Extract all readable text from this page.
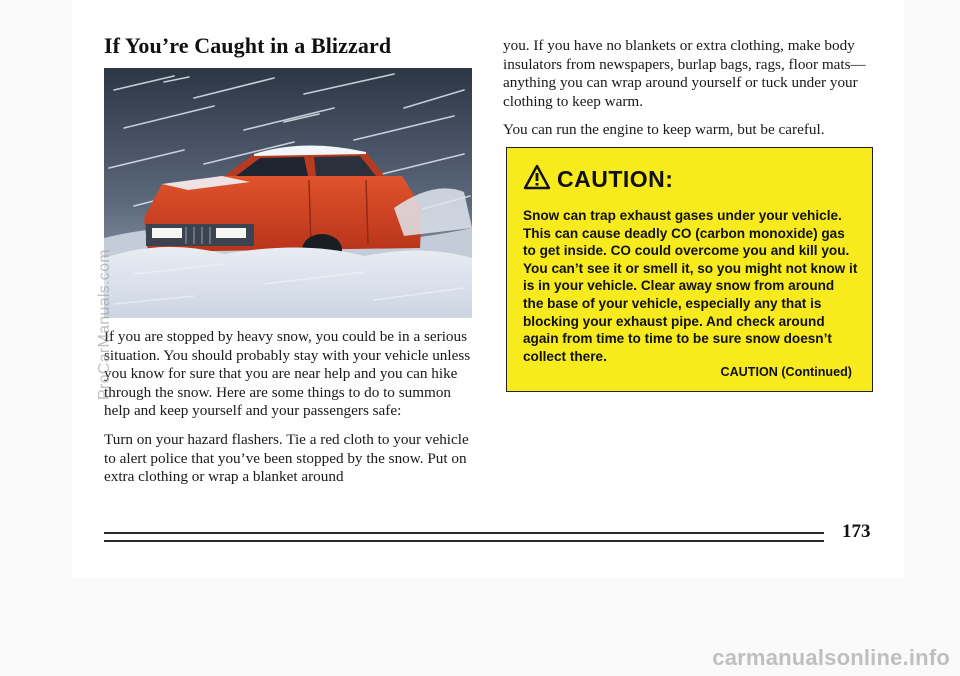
If You’re Caught in a Blizzard

If you are stopped by heavy snow, you could be in a serious situation. You should probably stay with your vehicle unless you know for sure that you are near help and you can hike through the snow. Here are some things to do to summon help and keep yourself and your passengers safe:

Turn on your hazard flashers. Tie a red cloth to your vehicle to alert police that you’ve been stopped by the snow. Put on extra clothing or wrap a blanket around

you. If you have no blankets or extra clothing, make body insulators from newspapers, burlap bags, rags, floor mats—anything you can wrap around yourself or tuck under your clothing to keep warm.

You can run the engine to keep warm, but be careful.

CAUTION:
Snow can trap exhaust gases under your vehicle. This can cause deadly CO (carbon monoxide) gas to get inside. CO could overcome you and kill you. You can’t see it or smell it, so you might not know it is in your vehicle. Clear away snow from around the base of your vehicle, especially any that is blocking your exhaust pipe. And check around again from time to time to be sure snow doesn’t collect there.
CAUTION (Continued)
173
ProCarManuals.com
carmanualsonline.info
